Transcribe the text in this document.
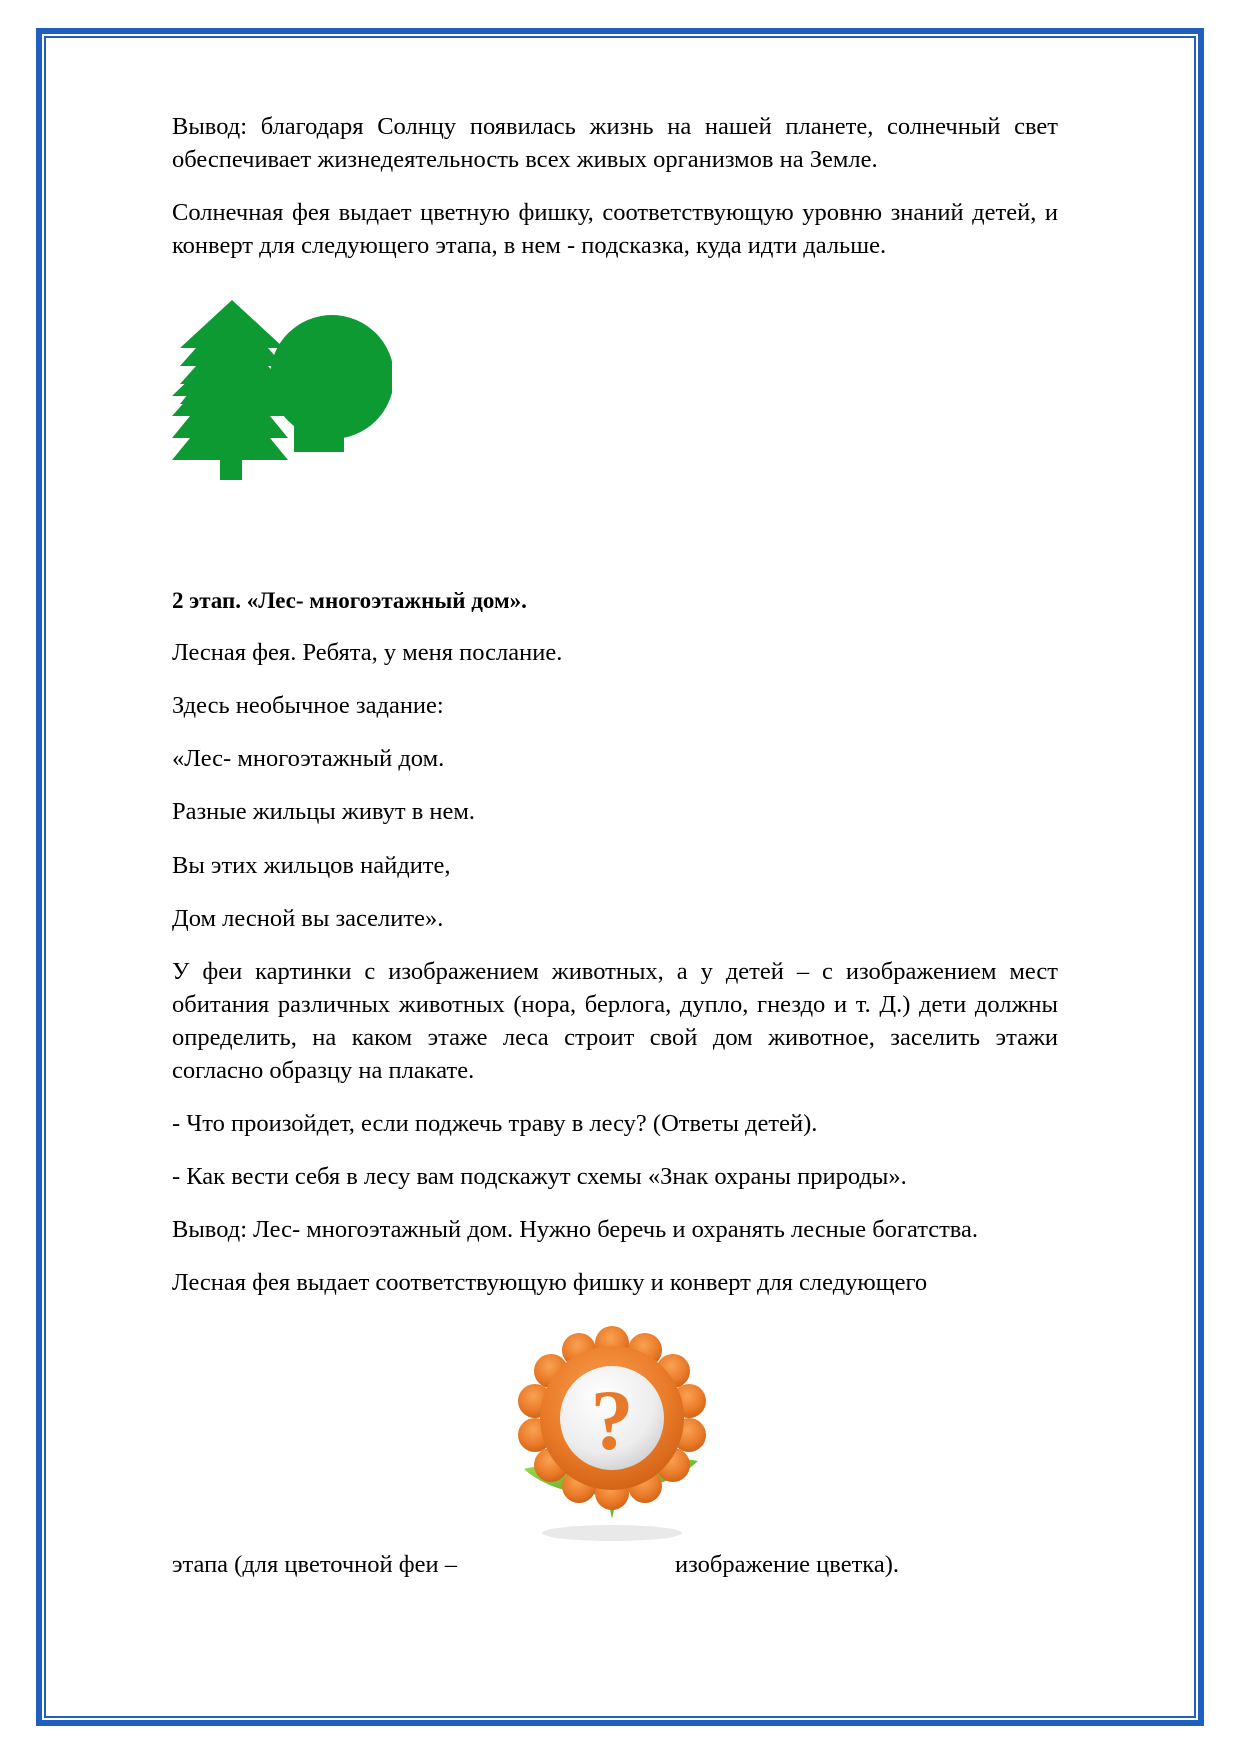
Вывод: благодаря Солнцу появилась жизнь на нашей планете, солнечный свет обеспечивает жизнедеятельность всех живых организмов на Земле.

Солнечная фея выдает цветную фишку, соответствующую уровню знаний детей, и конверт для следующего этапа, в нем - подсказка, куда идти дальше.

2 этап. «Лес- многоэтажный дом».

Лесная фея. Ребята, у меня послание.

Здесь необычное задание:

«Лес- многоэтажный дом.

Разные жильцы живут в нем.

Вы этих жильцов найдите,

Дом лесной вы заселите».

У феи картинки с изображением животных, а у детей – с изображением мест обитания различных животных (нора, берлога, дупло, гнездо и т. Д.) дети должны определить, на каком этаже леса строит свой дом животное, заселить этажи согласно образцу на плакате.

- Что произойдет, если поджечь траву в лесу? (Ответы детей).

- Как вести себя в лесу вам подскажут схемы «Знак охраны природы».

Вывод: Лес- многоэтажный дом. Нужно беречь и охранять лесные богатства.

Лесная фея выдает соответствующую фишку и конверт для следующего

?
этапа (для цветочной феи –	изображение цветка).
